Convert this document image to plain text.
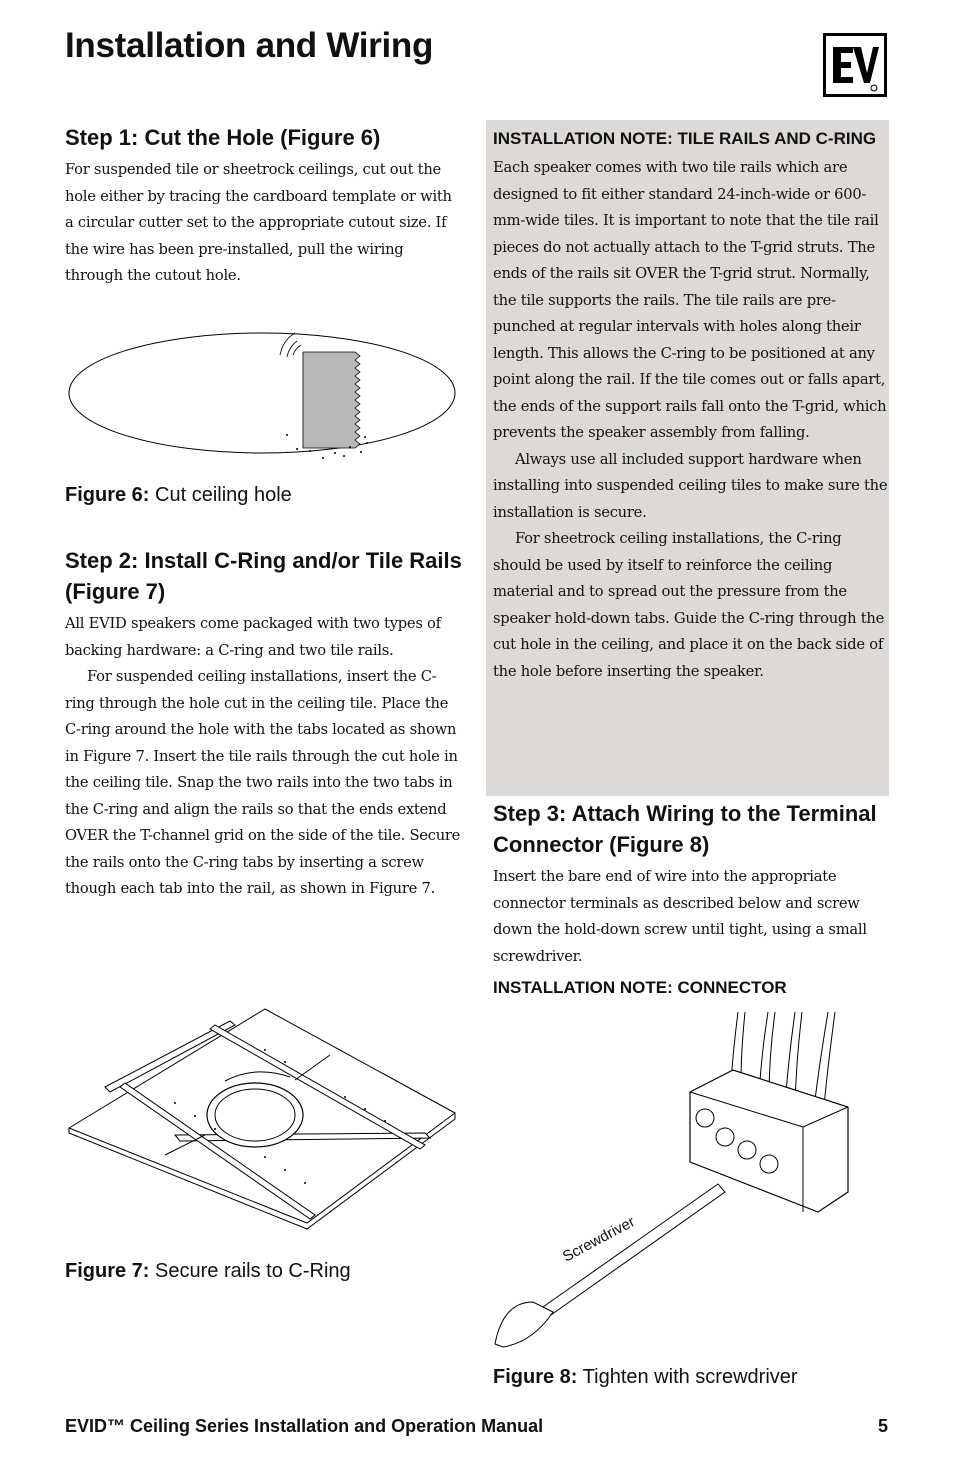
Installation and Wiring
Step 1: Cut the Hole (Figure 6)

For suspended tile or sheetrock ceilings, cut out the hole either by tracing the cardboard template or with a circular cutter set to the appropriate cutout size. If the wire has been pre-installed, pull the wiring through the cutout hole.

Figure 6: Cut ceiling hole
Step 2: Install C-Ring and/or Tile Rails (Figure 7)

All EVID speakers come packaged with two types of backing hardware: a C-ring and two tile rails.

For suspended ceiling installations, insert the C-ring through the hole cut in the ceiling tile. Place the C-ring around the hole with the tabs located as shown in Figure 7. Insert the tile rails through the cut hole in the ceiling tile. Snap the two rails into the two tabs in the C-ring and align the rails so that the ends extend OVER the T-channel grid on the side of the tile. Secure the rails onto the C-ring tabs by inserting a screw though each tab into the rail, as shown in Figure 7.

Figure 7: Secure rails to C-Ring

INSTALLATION NOTE: TILE RAILS AND C-RING

Each speaker comes with two tile rails which are designed to fit either standard 24-inch-wide or 600-mm-wide tiles. It is important to note that the tile rail pieces do not actually attach to the T-grid struts. The ends of the rails sit OVER the T-grid strut. Normally, the tile supports the rails. The tile rails are pre-punched at regular intervals with holes along their length. This allows the C-ring to be positioned at any point along the rail. If the tile comes out or falls apart, the ends of the support rails fall onto the T-grid, which prevents the speaker assembly from falling.

Always use all included support hardware when installing into suspended ceiling tiles to make sure the installation is secure.

For sheetrock ceiling installations, the C-ring should be used by itself to reinforce the ceiling material and to spread out the pressure from the speaker hold-down tabs. Guide the C-ring through the cut hole in the ceiling, and place it on the back side of the hole before inserting the speaker.

Step 3: Attach Wiring to the Terminal Connector (Figure 8)

Insert the bare end of wire into the appropriate connector terminals as described below and screw down the hold-down screw until tight, using a small screwdriver.

INSTALLATION NOTE: CONNECTOR

Screwdriver
Figure 8: Tighten with screwdriver
EVID™ Ceiling Series Installation and Operation Manual	5
